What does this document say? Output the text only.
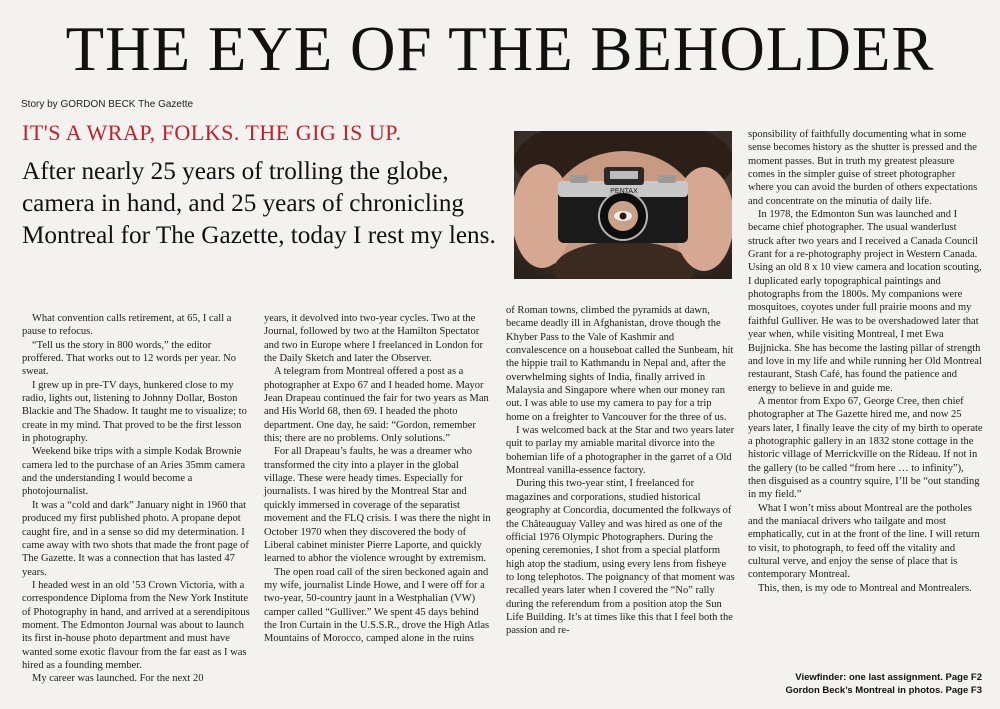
THE EYE OF THE BEHOLDER
Story by GORDON BECK The Gazette
IT'S A WRAP, FOLKS. THE GIG IS UP.
After nearly 25 years of trolling the globe, camera in hand, and 25 years of chronicling Montreal for The Gazette, today I rest my lens.
PENTAX

What convention calls retirement, at 65, I call a pause to refocus.

“Tell us the story in 800 words,” the editor proffered. That works out to 12 words per year. No sweat.

I grew up in pre-TV days, hunkered close to my radio, lights out, listening to Johnny Dollar, Boston Blackie and The Shadow. It taught me to visualize; to create in my mind. That proved to be the first lesson in photography.

Weekend bike trips with a simple Kodak Brownie camera led to the purchase of an Aries 35mm camera and the understanding I would become a photojournalist.

It was a “cold and dark” January night in 1960 that produced my first published photo. A propane depot caught fire, and in a sense so did my determination. I came away with two shots that made the front page of The Gazette. It was a connection that has lasted 47 years.

I headed west in an old ’53 Crown Victoria, with a correspondence Diploma from the New York Institute of Photography in hand, and arrived at a serendipitous moment. The Edmonton Journal was about to launch its first in-house photo department and must have wanted some exotic flavour from the far east as I was hired as a founding member.

My career was launched. For the next 20

years, it devolved into two-year cycles. Two at the Journal, followed by two at the Hamilton Spectator and two in Europe where I freelanced in London for the Daily Sketch and later the Observer.

A telegram from Montreal offered a post as a photographer at Expo 67 and I headed home. Mayor Jean Drapeau continued the fair for two years as Man and His World 68, then 69. I headed the photo department. One day, he said: “Gordon, remember this; there are no problems. Only solutions.”

For all Drapeau’s faults, he was a dreamer who transformed the city into a player in the global village. These were heady times. Especially for journalists. I was hired by the Montreal Star and quickly immersed in coverage of the separatist movement and the FLQ crisis. I was there the night in October 1970 when they discovered the body of Liberal cabinet minister Pierre Laporte, and quickly learned to abhor the violence wrought by extremism.

The open road call of the siren beckoned again and my wife, journalist Linde Howe, and I were off for a two-year, 50-country jaunt in a Westphalian (VW) camper called “Gulliver.” We spent 45 days behind the Iron Curtain in the U.S.S.R., drove the High Atlas Mountains of Morocco, camped alone in the ruins

of Roman towns, climbed the pyramids at dawn, became deadly ill in Afghanistan, drove though the Khyber Pass to the Vale of Kashmir and convalescence on a houseboat called the Sunbeam, hit the hippie trail to Kathmandu in Nepal and, after the overwhelming sights of India, finally arrived in Malaysia and Singapore where when our money ran out. I was able to use my camera to pay for a trip home on a freighter to Vancouver for the three of us.

I was welcomed back at the Star and two years later quit to parlay my amiable marital divorce into the bohemian life of a photographer in the garret of a Old Montreal vanilla-essence factory.

During this two-year stint, I freelanced for magazines and corporations, studied historical geography at Concordia, documented the folkways of the Châteauguay Valley and was hired as one of the official 1976 Olympic Photographers. During the opening ceremonies, I shot from a special platform high atop the stadium, using every lens from fisheye to long telephotos. The poignancy of that moment was recalled years later when I covered the “No” rally during the referendum from a position atop the Sun Life Building. It’s at times like this that I feel both the passion and re-

sponsibility of faithfully documenting what in some sense becomes history as the shutter is pressed and the moment passes. But in truth my greatest pleasure comes in the simpler guise of street photographer where you can avoid the burden of others expectations and concentrate on the minutia of daily life.

In 1978, the Edmonton Sun was launched and I became chief photographer. The usual wanderlust struck after two years and I received a Canada Council Grant for a re-photography project in Western Canada. Using an old 8 x 10 view camera and location scouting, I duplicated early topographical paintings and photographs from the 1800s. My companions were mosquitoes, coyotes under full prairie moons and my faithful Gulliver. He was to be overshadowed later that year when, while visiting Montreal, I met Ewa Bujjnicka. She has become the lasting pillar of strength and love in my life and while running her Old Montreal restaurant, Stash Café, has found the patience and energy to believe in and guide me.

A mentor from Expo 67, George Cree, then chief photographer at The Gazette hired me, and now 25 years later, I finally leave the city of my birth to operate a photographic gallery in an 1832 stone cottage in the historic village of Merrickville on the Rideau. If not in the gallery (to be called “from here … to infinity”), then disguised as a country squire, I’ll be “out standing in my field.”

What I won’t miss about Montreal are the potholes and the maniacal drivers who tailgate and most emphatically, cut in at the front of the line. I will return to visit, to photograph, to feed off the vitality and cultural verve, and enjoy the sense of place that is contemporary Montreal.

This, then, is my ode to Montreal and Montrealers.

Viewfinder: one last assignment. Page F2
Gordon Beck’s Montreal in photos. Page F3
